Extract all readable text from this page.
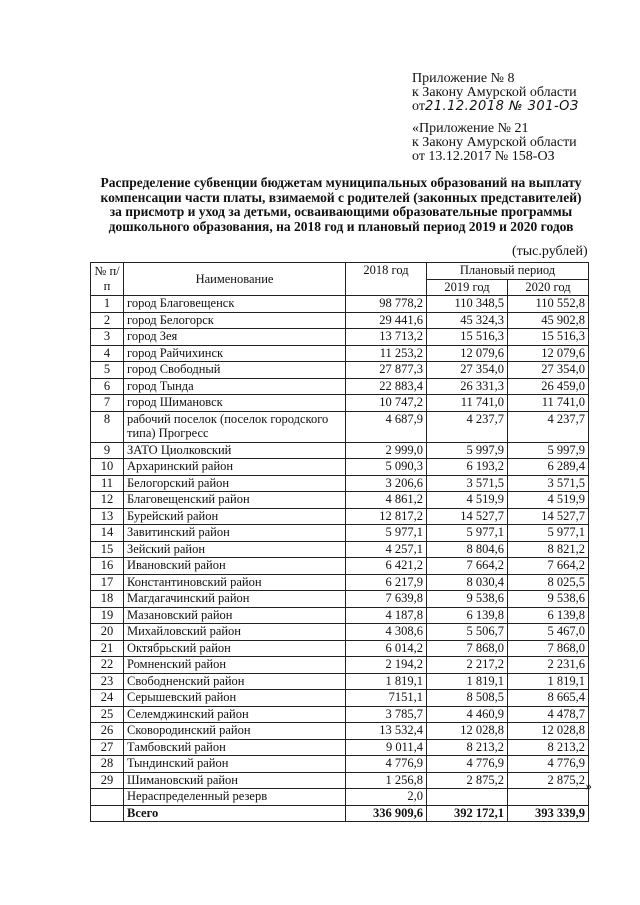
Приложение № 8
к Закону Амурской области
от21.12.2018 № 301-ОЗ
«Приложение № 21
к Закону Амурской области
от 13.12.2017 № 158-ОЗ
Распределение субвенции бюджетам муниципальных образований на выплату компенсации части платы, взимаемой с родителей (законных представителей) за присмотр и уход за детьми, осваивающими образовательные программы дошкольного образования, на 2018 год и плановый период 2019 и 2020 годов
(тыс.рублей)
№ п/п	Наименование	2018 год	Плановый период	
			2019 год	2020 год
1	город Благовещенск	98 778,2	110 348,5	110 552,8
2	город Белогорск	29 441,6	45 324,3	45 902,8
3	город Зея	13 713,2	15 516,3	15 516,3
4	город Райчихинск	11 253,2	12 079,6	12 079,6
5	город Свободный	27 877,3	27 354,0	27 354,0
6	город Тында	22 883,4	26 331,3	26 459,0
7	город Шимановск	10 747,2	11 741,0	11 741,0
8	рабочий поселок (поселок городского типа) Прогресс	4 687,9	4 237,7	4 237,7
9	ЗАТО Циолковский	2 999,0	5 997,9	5 997,9
10	Архаринский район	5 090,3	6 193,2	6 289,4
11	Белогорский район	3 206,6	3 571,5	3 571,5
12	Благовещенский район	4 861,2	4 519,9	4 519,9
13	Бурейский район	12 817,2	14 527,7	14 527,7
14	Завитинский район	5 977,1	5 977,1	5 977,1
15	Зейский район	4 257,1	8 804,6	8 821,2
16	Ивановский район	6 421,2	7 664,2	7 664,2
17	Константиновский район	6 217,9	8 030,4	8 025,5
18	Магдагачинский район	7 639,8	9 538,6	9 538,6
19	Мазановский район	4 187,8	6 139,8	6 139,8
20	Михайловский район	4 308,6	5 506,7	5 467,0
21	Октябрьский район	6 014,2	7 868,0	7 868,0
22	Ромненский район	2 194,2	2 217,2	2 231,6
23	Свободненский район	1 819,1	1 819,1	1 819,1
24	Серышевский район	7151,1	8 508,5	8 665,4
25	Селемджинский район	3 785,7	4 460,9	4 478,7
26	Сковородинский район	13 532,4	12 028,8	12 028,8
27	Тамбовский район	9 011,4	8 213,2	8 213,2
28	Тындинский район	4 776,9	4 776,9	4 776,9
29	Шимановский район	1 256,8	2 875,2	2 875,2
	Нераспределенный резерв	2,0		
	Всего	336 909,6	392 172,1	393 339,9
»
